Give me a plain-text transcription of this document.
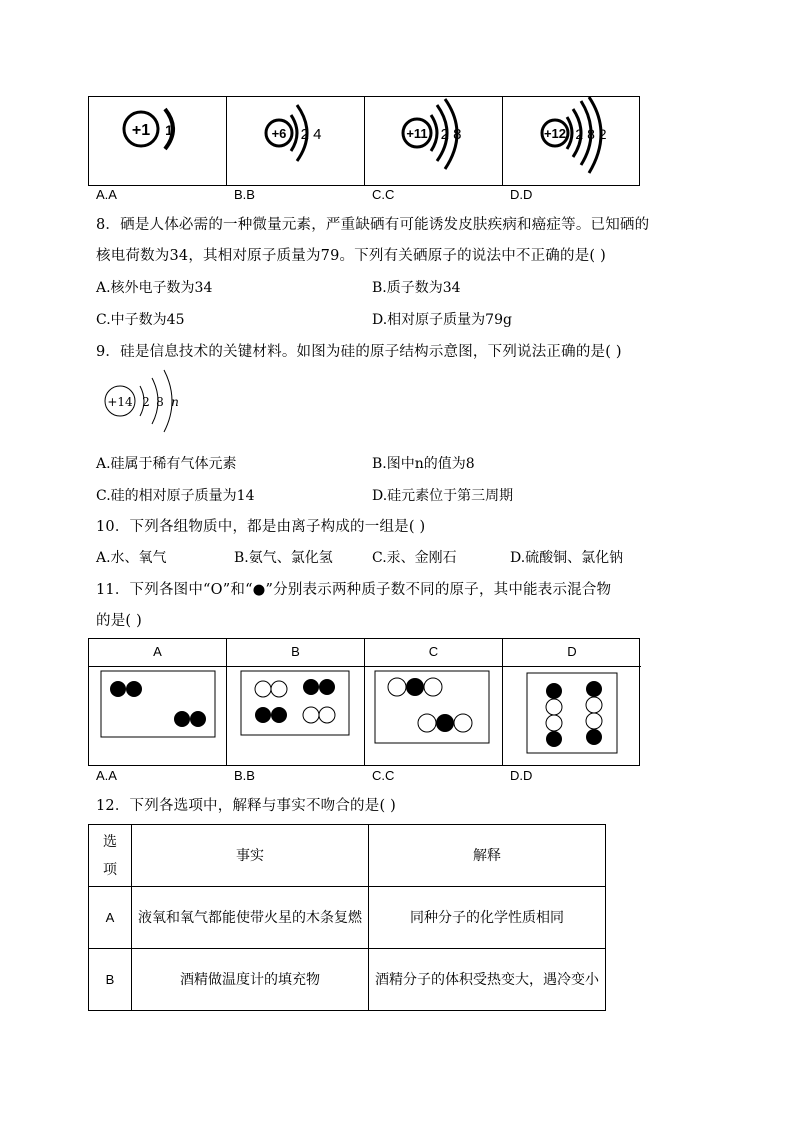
+1 1	+6 2 4	+11 2 8	+12 2 8 2
A.A	B.B	C.C	D.D
8．硒是人体必需的一种微量元素，严重缺硒有可能诱发皮肤疾病和癌症等。已知硒的
核电荷数为34，其相对原子质量为79。下列有关硒原子的说法中不正确的是( )
A.核外电子数为34	B.质子数为34
C.中子数为45	D.相对原子质量为79g
9．硅是信息技术的关键材料。如图为硅的原子结构示意图，下列说法正确的是( )
+14 2 8 n
A.硅属于稀有气体元素	B.图中n的值为8
C.硅的相对原子质量为14	D.硅元素位于第三周期
10．下列各组物质中，都是由离子构成的一组是( )
A.水、氧气	B.氨气、氯化氢	C.汞、金刚石	D.硫酸铜、氯化钠
11．下列各图中“O”和“●”分别表示两种质子数不同的原子，其中能表示混合物
的是( )
A	B	C	D
A.A	B.B	C.C	D.D
12．下列各选项中，解释与事实不吻合的是( )
选
项	事实	解释
A	液氧和氧气都能使带火星的木条复燃	同种分子的化学性质相同
B	酒精做温度计的填充物	酒精分子的体积受热变大，遇冷变小
